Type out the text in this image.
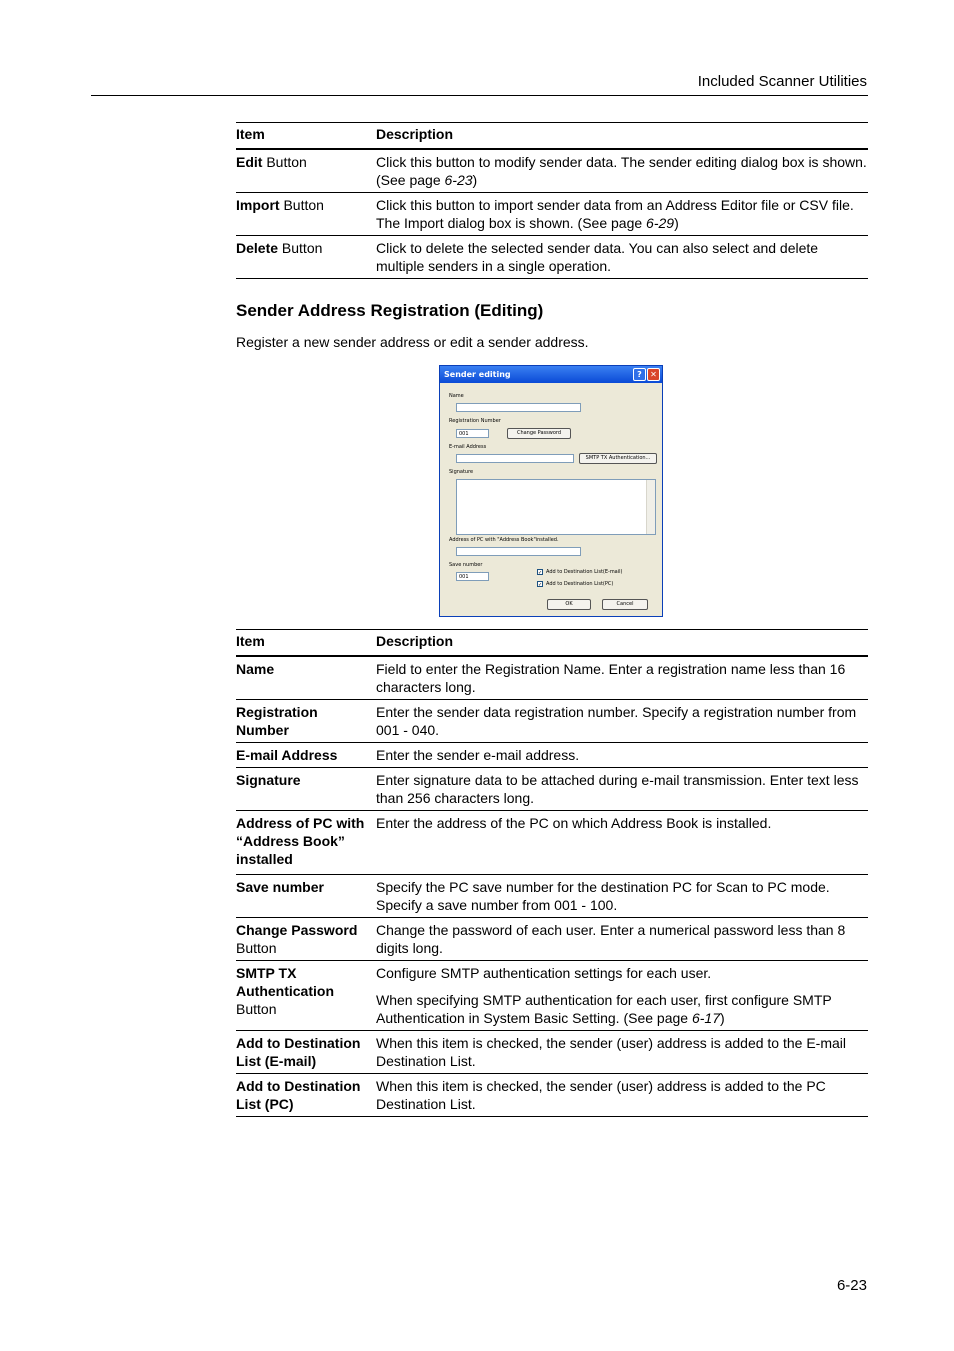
Included Scanner Utilities
Item	Description
Edit Button	Click this button to modify sender data. The sender editing dialog box is shown. (See page 6-23)
Import Button	Click this button to import sender data from an Address Editor file or CSV file. The Import dialog box is shown. (See page 6-29)
Delete Button	Click to delete the selected sender data. You can also select and delete multiple senders in a single operation.
Sender Address Registration (Editing)
Register a new sender address or edit a sender address.
Sender editing	?	✕
Name
Registration Number
001	Change Password
E-mail Address
SMTP TX Authentication...
Signature
Address of PC with "Address Book"installed.
Save number
001
✓ Add to Destination List(E-mail)
✓ Add to Destination List(PC)
OK	Cancel
Item	Description
Name	Field to enter the Registration Name. Enter a registration name less than 16 characters long.
Registration Number	Enter the sender data registration number. Specify a registration number from 001 - 040.
E-mail Address	Enter the sender e-mail address.
Signature	Enter signature data to be attached during e-mail transmission. Enter text less than 256 characters long.
Address of PC with “Address Book” installed	Enter the address of the PC on which Address Book is installed.
Save number	Specify the PC save number for the destination PC for Scan to PC mode. Specify a save number from 001 - 100.
Change Password
Button	Change the password of each user. Enter a numerical password less than 8 digits long.
SMTP TX Authentication
Button	Configure SMTP authentication settings for each user.
When specifying SMTP authentication for each user, first configure SMTP Authentication in System Basic Setting. (See page 6-17)

Add to Destination List (E-mail)	When this item is checked, the sender (user) address is added to the E-mail Destination List.
Add to Destination List (PC)	When this item is checked, the sender (user) address is added to the PC Destination List.
6-23
